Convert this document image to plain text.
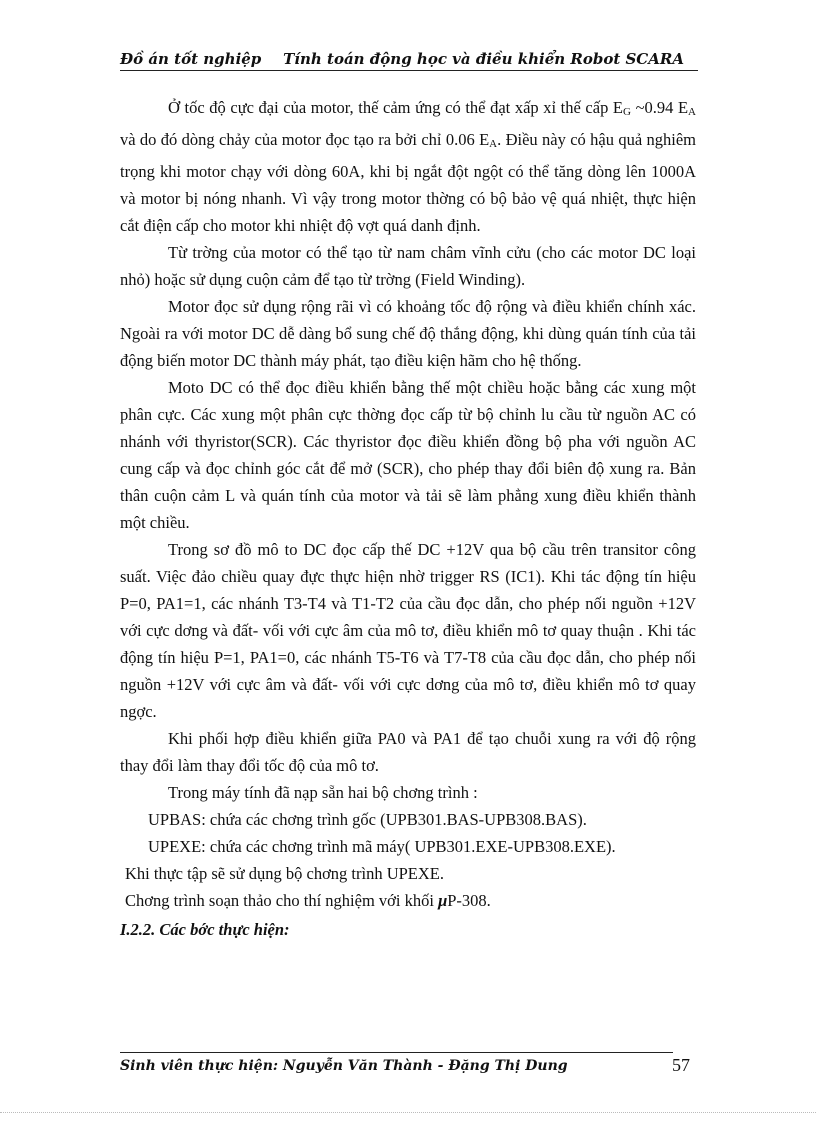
Đồ án tốt nghiệp Tính toán động học và điều khiển Robot SCARA

Ở tốc độ cực đại của motor, thế cảm ứng có thể đạt xấp xỉ thế cấp EG ~0.94 EA và do đó dòng chảy của motor đọc tạo ra bởi chỉ 0.06 EA. Điều này có hậu quả nghiêm trọng khi motor chạy với dòng 60A, khi bị ngắt đột ngột có thể tăng dòng lên 1000A và motor bị nóng nhanh. Vì vậy trong motor thờng có bộ bảo vệ quá nhiệt, thực hiện cắt điện cấp cho motor khi nhiệt độ vợt quá danh định.

Từ trờng của motor có thể tạo từ nam châm vĩnh cửu (cho các motor DC loại nhỏ) hoặc sử dụng cuộn cảm để tạo từ trờng (Field Winding).

Motor đọc sử dụng rộng rãi vì có khoảng tốc độ rộng và điều khiển chính xác. Ngoài ra với motor DC dễ dàng bổ sung chế độ thắng động, khi dùng quán tính của tải động biến motor DC thành máy phát, tạo điều kiện hãm cho hệ thống.

Moto DC có thể đọc điều khiển bằng thế một chiều hoặc bằng các xung một phân cực. Các xung một phân cực thờng đọc cấp từ bộ chỉnh lu cầu từ nguồn AC có nhánh với thyristor(SCR). Các thyristor đọc điều khiển đồng bộ pha với nguồn AC cung cấp và đọc chỉnh góc cắt để mở (SCR), cho phép thay đổi biên độ xung ra. Bản thân cuộn cảm L và quán tính của motor và tải sẽ làm phẳng xung điều khiển thành một chiều.

Trong sơ đồ mô to DC đọc cấp thế DC +12V qua bộ cầu trên transitor công suất. Việc đảo chiều quay đực thực hiện nhờ trigger RS (IC1). Khi tác động tín hiệu P=0, PA1=1, các nhánh T3-T4 và T1-T2 của cầu đọc dẫn, cho phép nối nguồn +12V với cực dơng và đất- vối với cực âm của mô tơ, điều khiển mô tơ quay thuận . Khi tác động tín hiệu P=1, PA1=0, các nhánh T5-T6 và T7-T8 của cầu đọc dẫn, cho phép nối nguồn +12V với cực âm và đất- vối với cực dơng của mô tơ, điều khiển mô tơ quay ngợc.

Khi phối hợp điều khiển giữa PA0 và PA1 để tạo chuỗi xung ra với độ rộng thay đổi làm thay đổi tốc độ của mô tơ.

Trong máy tính đã nạp sẵn hai bộ chơng trình :

UPBAS: chứa các chơng trình gốc (UPB301.BAS-UPB308.BAS).

UPEXE: chứa các chơng trình mã máy( UPB301.EXE-UPB308.EXE).

Khi thực tập sẽ sử dụng bộ chơng trình UPEXE.

Chơng trình soạn thảo cho thí nghiệm với khối μP-308.

I.2.2. Các bớc thực hiện:

Sinh viên thực hiện: Nguyễn Văn Thành - Đặng Thị Dung	57
